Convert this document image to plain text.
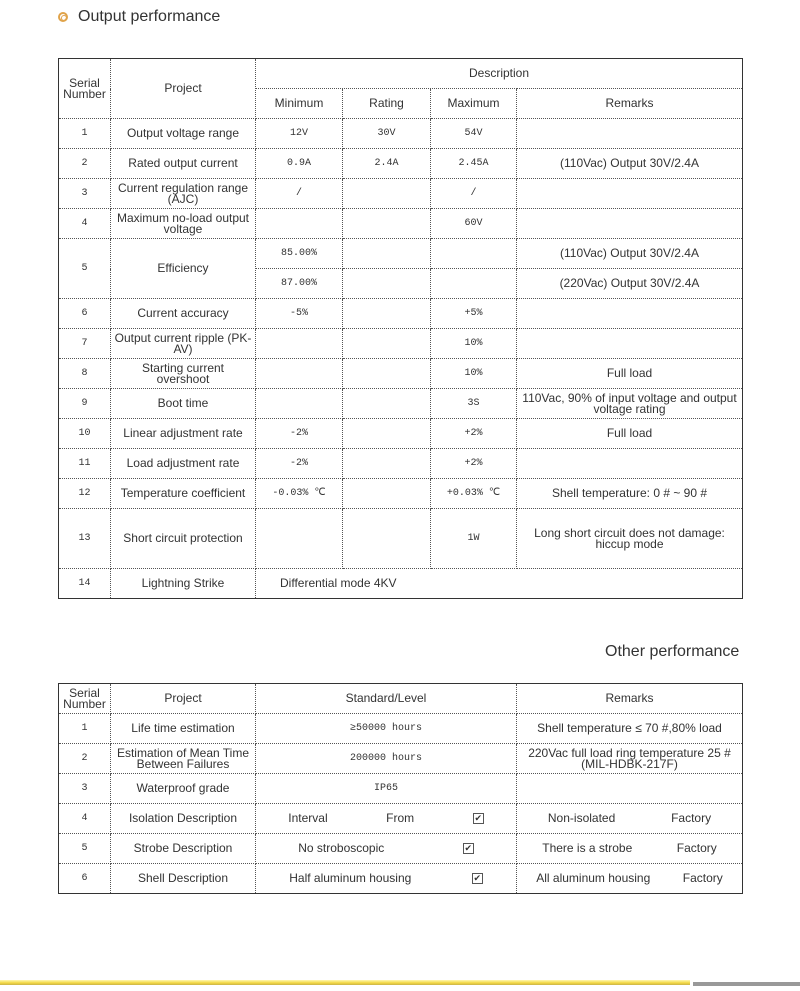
Output performance
Serial Number	Project	Description			
		Minimum	Rating	Maximum	Remarks
1	Output voltage range	12V	30V	54V	
2	Rated output current	0.9A	2.4A	2.45A	(110Vac) Output 30V/2.4A
3	Current regulation range (AJC)	/		/	
4	Maximum no-load output voltage			60V	
5	Efficiency	85.00%			(110Vac) Output 30V/2.4A
		87.00%			(220Vac) Output 30V/2.4A
6	Current accuracy	-5%		+5%	
7	Output current ripple (PK-AV)			10%	
8	Starting current overshoot			10%	Full load
9	Boot time			3S	110Vac, 90% of input voltage and output voltage rating
10	Linear adjustment rate	-2%		+2%	Full load
11	Load adjustment rate	-2%		+2%	
12	Temperature coefficient	-0.03% ℃		+0.03% ℃	Shell temperature: 0 # ~ 90 #
13	Short circuit protection			1W	Long short circuit does not damage: hiccup mode
14	Lightning Strike	Differential mode 4KV			
Other performance
Serial Number	Project	Standard/Level	Remarks
1	Life time estimation	≥50000 hours	Shell temperature ≤ 70 #,80% load
2	Estimation of Mean Time Between Failures	200000 hours	220Vac full load ring temperature 25 #(MIL-HDBK-217F)
3	Waterproof grade	IP65	
4	Isolation Description	Interval From ✔	Non-isolated Factory

5	Strobe Description	No stroboscopic ✔	There is a strobe Factory

6	Shell Description	Half aluminum housing ✔	All aluminum housing Factory
